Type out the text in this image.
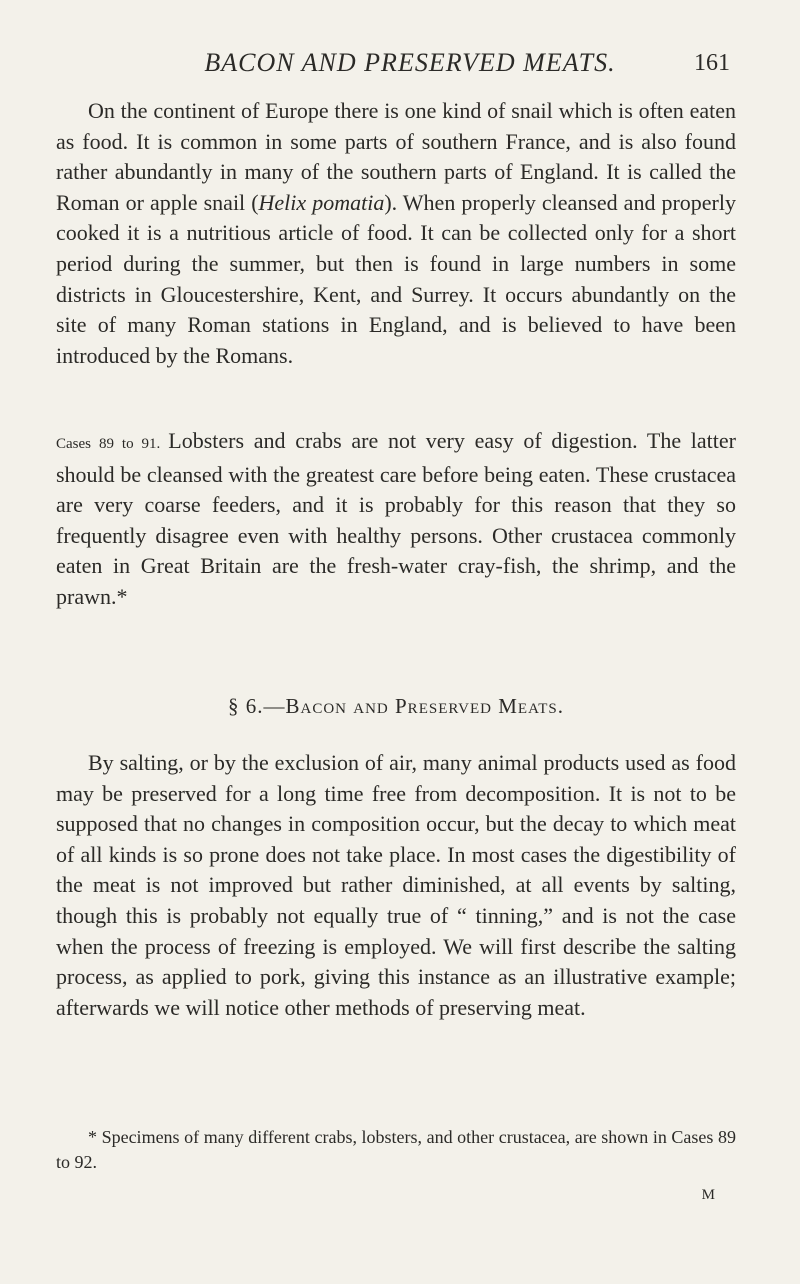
BACON AND PRESERVED MEATS.	161

On the continent of Europe there is one kind of snail which is often eaten as food. It is common in some parts of southern France, and is also found rather abundantly in many of the southern parts of England. It is called the Roman or apple snail (Helix pomatia). When properly cleansed and properly cooked it is a nutritious article of food. It can be collected only for a short period during the summer, but then is found in large numbers in some districts in Gloucestershire, Kent, and Surrey. It occurs abundantly on the site of many Roman stations in England, and is believed to have been introduced by the Romans.

Cases 89 to 91. Lobsters and crabs are not very easy of digestion. The latter should be cleansed with the greatest care before being eaten. These crustacea are very coarse feeders, and it is probably for this reason that they so frequently disagree even with healthy persons. Other crustacea commonly eaten in Great Britain are the fresh-water cray-fish, the shrimp, and the prawn.*

§ 6.—Bacon and Preserved Meats.

By salting, or by the exclusion of air, many animal products used as food may be preserved for a long time free from decomposition. It is not to be supposed that no changes in composition occur, but the decay to which meat of all kinds is so prone does not take place. In most cases the digestibility of the meat is not improved but rather diminished, at all events by salting, though this is probably not equally true of “ tinning,” and is not the case when the process of freezing is employed. We will first describe the salting process, as applied to pork, giving this instance as an illustrative example; afterwards we will notice other methods of preserving meat.

* Specimens of many different crabs, lobsters, and other crustacea, are shown in Cases 89 to 92.

M
